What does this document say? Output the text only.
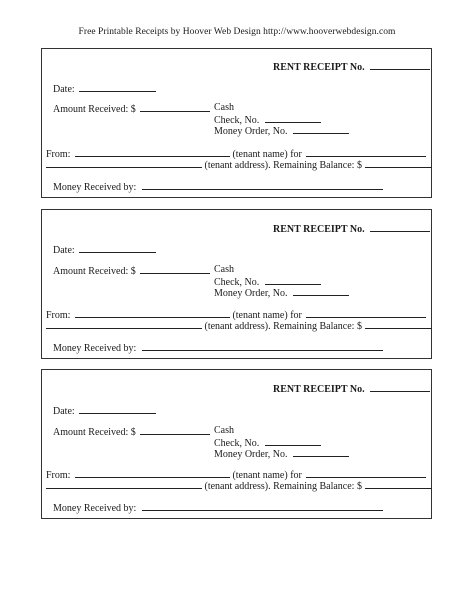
Free Printable Receipts by Hoover Web Design http://www.hooverwebdesign.com
RENT RECEIPT No.
Date:
Amount Received: $	Cash
Check, No.
Money Order, No.
From:	(tenant name) for
(tenant address). Remaining Balance: $
Money Received by:
RENT RECEIPT No.
Date:
Amount Received: $	Cash
Check, No.
Money Order, No.
From:	(tenant name) for
(tenant address). Remaining Balance: $
Money Received by:
RENT RECEIPT No.
Date:
Amount Received: $	Cash
Check, No.
Money Order, No.
From:	(tenant name) for
(tenant address). Remaining Balance: $
Money Received by:
